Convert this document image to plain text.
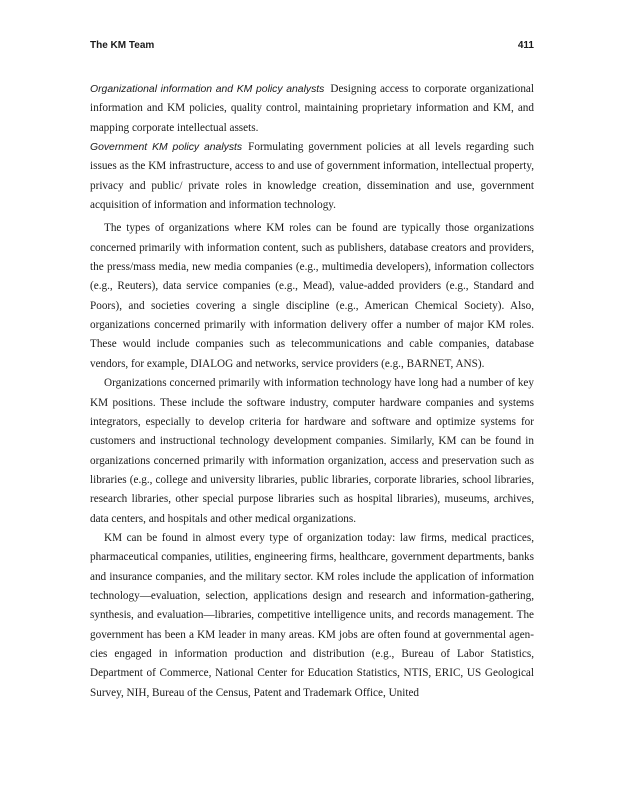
The KM Team	411

Organizational information and KM policy analysts Designing access to corporate organizational information and KM policies, quality control, maintaining proprietary information and KM, and mapping corporate intellectual assets.

Government KM policy analysts Formulating government policies at all levels regarding such issues as the KM infrastructure, access to and use of government information, intellectual property, privacy and public/ private roles in knowledge creation, dissemination and use, government acquisition of information and information technology.

The types of organizations where KM roles can be found are typically those organizations concerned primarily with information content, such as publishers, database creators and providers, the press/mass media, new media companies (e.g., multimedia developers), information collectors (e.g., Reuters), data service companies (e.g., Mead), value-added providers (e.g., Standard and Poors), and societies covering a single discipline (e.g., American Chemical Society). Also, organizations concerned primarily with information delivery offer a number of major KM roles. These would include companies such as telecommunications and cable companies, database vendors, for example, DIALOG and networks, service providers (e.g., BARNET, ANS).

Organizations concerned primarily with information technology have long had a number of key KM positions. These include the software industry, computer hardware companies and systems integrators, especially to develop criteria for hardware and software and optimize systems for customers and instructional technology development companies. Similarly, KM can be found in organizations concerned primarily with information organization, access and preservation such as libraries (e.g., college and university libraries, public libraries, corporate libraries, school libraries, research libraries, other special purpose libraries such as hospital libraries), museums, archives, data centers, and hospitals and other medical organizations.

KM can be found in almost every type of organization today: law firms, medical practices, pharmaceutical companies, utilities, engineering firms, healthcare, government departments, banks and insurance companies, and the military sector. KM roles include the application of information technology—evaluation, selection, applications design and research and information-gathering, synthesis, and evaluation—libraries, competitive intelligence units, and records management. The government has been a KM leader in many areas. KM jobs are often found at governmental agencies engaged in information production and distribution (e.g., Bureau of Labor Statistics, Department of Commerce, National Center for Education Statistics, NTIS, ERIC, US Geological Survey, NIH, Bureau of the Census, Patent and Trademark Office, United
